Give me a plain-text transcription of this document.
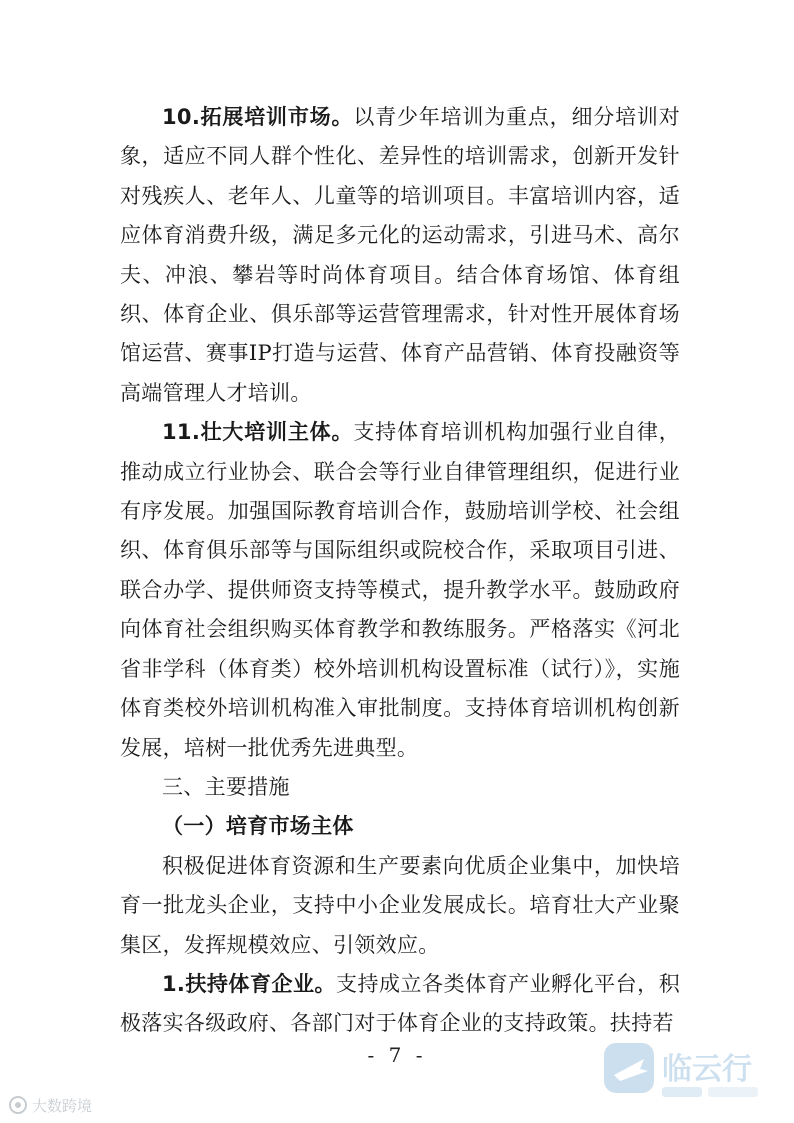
10.拓展培训市场。以青少年培训为重点，细分培训对象，适应不同人群个性化、差异性的培训需求，创新开发针对残疾人、老年人、儿童等的培训项目。丰富培训内容，适应体育消费升级，满足多元化的运动需求，引进马术、高尔夫、冲浪、攀岩等时尚体育项目。结合体育场馆、体育组织、体育企业、俱乐部等运营管理需求，针对性开展体育场馆运营、赛事IP打造与运营、体育产品营销、体育投融资等高端管理人才培训。

11.壮大培训主体。支持体育培训机构加强行业自律，推动成立行业协会、联合会等行业自律管理组织，促进行业有序发展。加强国际教育培训合作，鼓励培训学校、社会组织、体育俱乐部等与国际组织或院校合作，采取项目引进、联合办学、提供师资支持等模式，提升教学水平。鼓励政府向体育社会组织购买体育教学和教练服务。严格落实《河北省非学科（体育类）校外培训机构设置标准（试行）》，实施体育类校外培训机构准入审批制度。支持体育培训机构创新发展，培树一批优秀先进典型。

三、主要措施

（一）培育市场主体

积极促进体育资源和生产要素向优质企业集中，加快培育一批龙头企业，支持中小企业发展成长。培育壮大产业聚集区，发挥规模效应、引领效应。

1.扶持体育企业。支持成立各类体育产业孵化平台，积极落实各级政府、各部门对于体育企业的支持政策。扶持若

- 7 -	临云行
大数跨境
